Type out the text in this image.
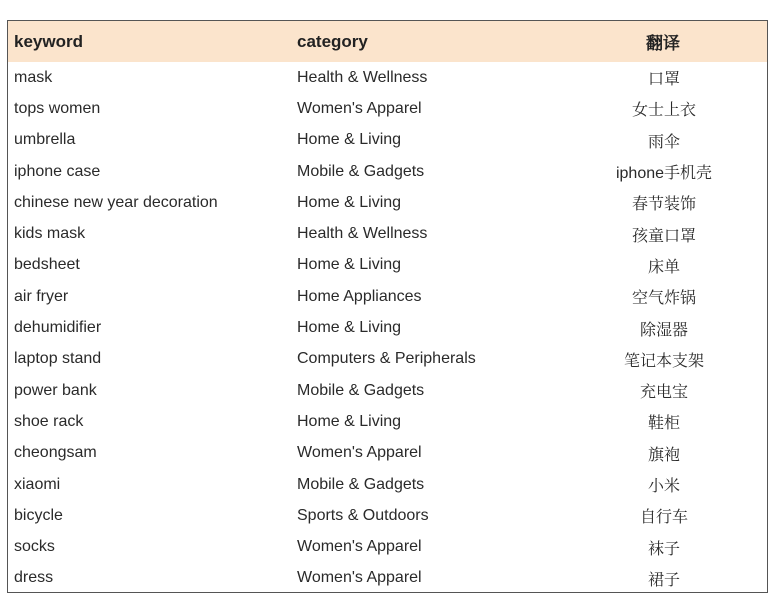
keyword	category	翻译
mask	Health & Wellness	口罩
tops women	Women's Apparel	女士上衣
umbrella	Home & Living	雨伞
iphone case	Mobile & Gadgets	iphone手机壳
chinese new year decoration	Home & Living	春节装饰
kids mask	Health & Wellness	孩童口罩
bedsheet	Home & Living	床单
air fryer	Home Appliances	空气炸锅
dehumidifier	Home & Living	除湿器
laptop stand	Computers & Peripherals	笔记本支架
power bank	Mobile & Gadgets	充电宝
shoe rack	Home & Living	鞋柜
cheongsam	Women's Apparel	旗袍
xiaomi	Mobile & Gadgets	小米
bicycle	Sports & Outdoors	自行车
socks	Women's Apparel	袜子
dress	Women's Apparel	裙子
